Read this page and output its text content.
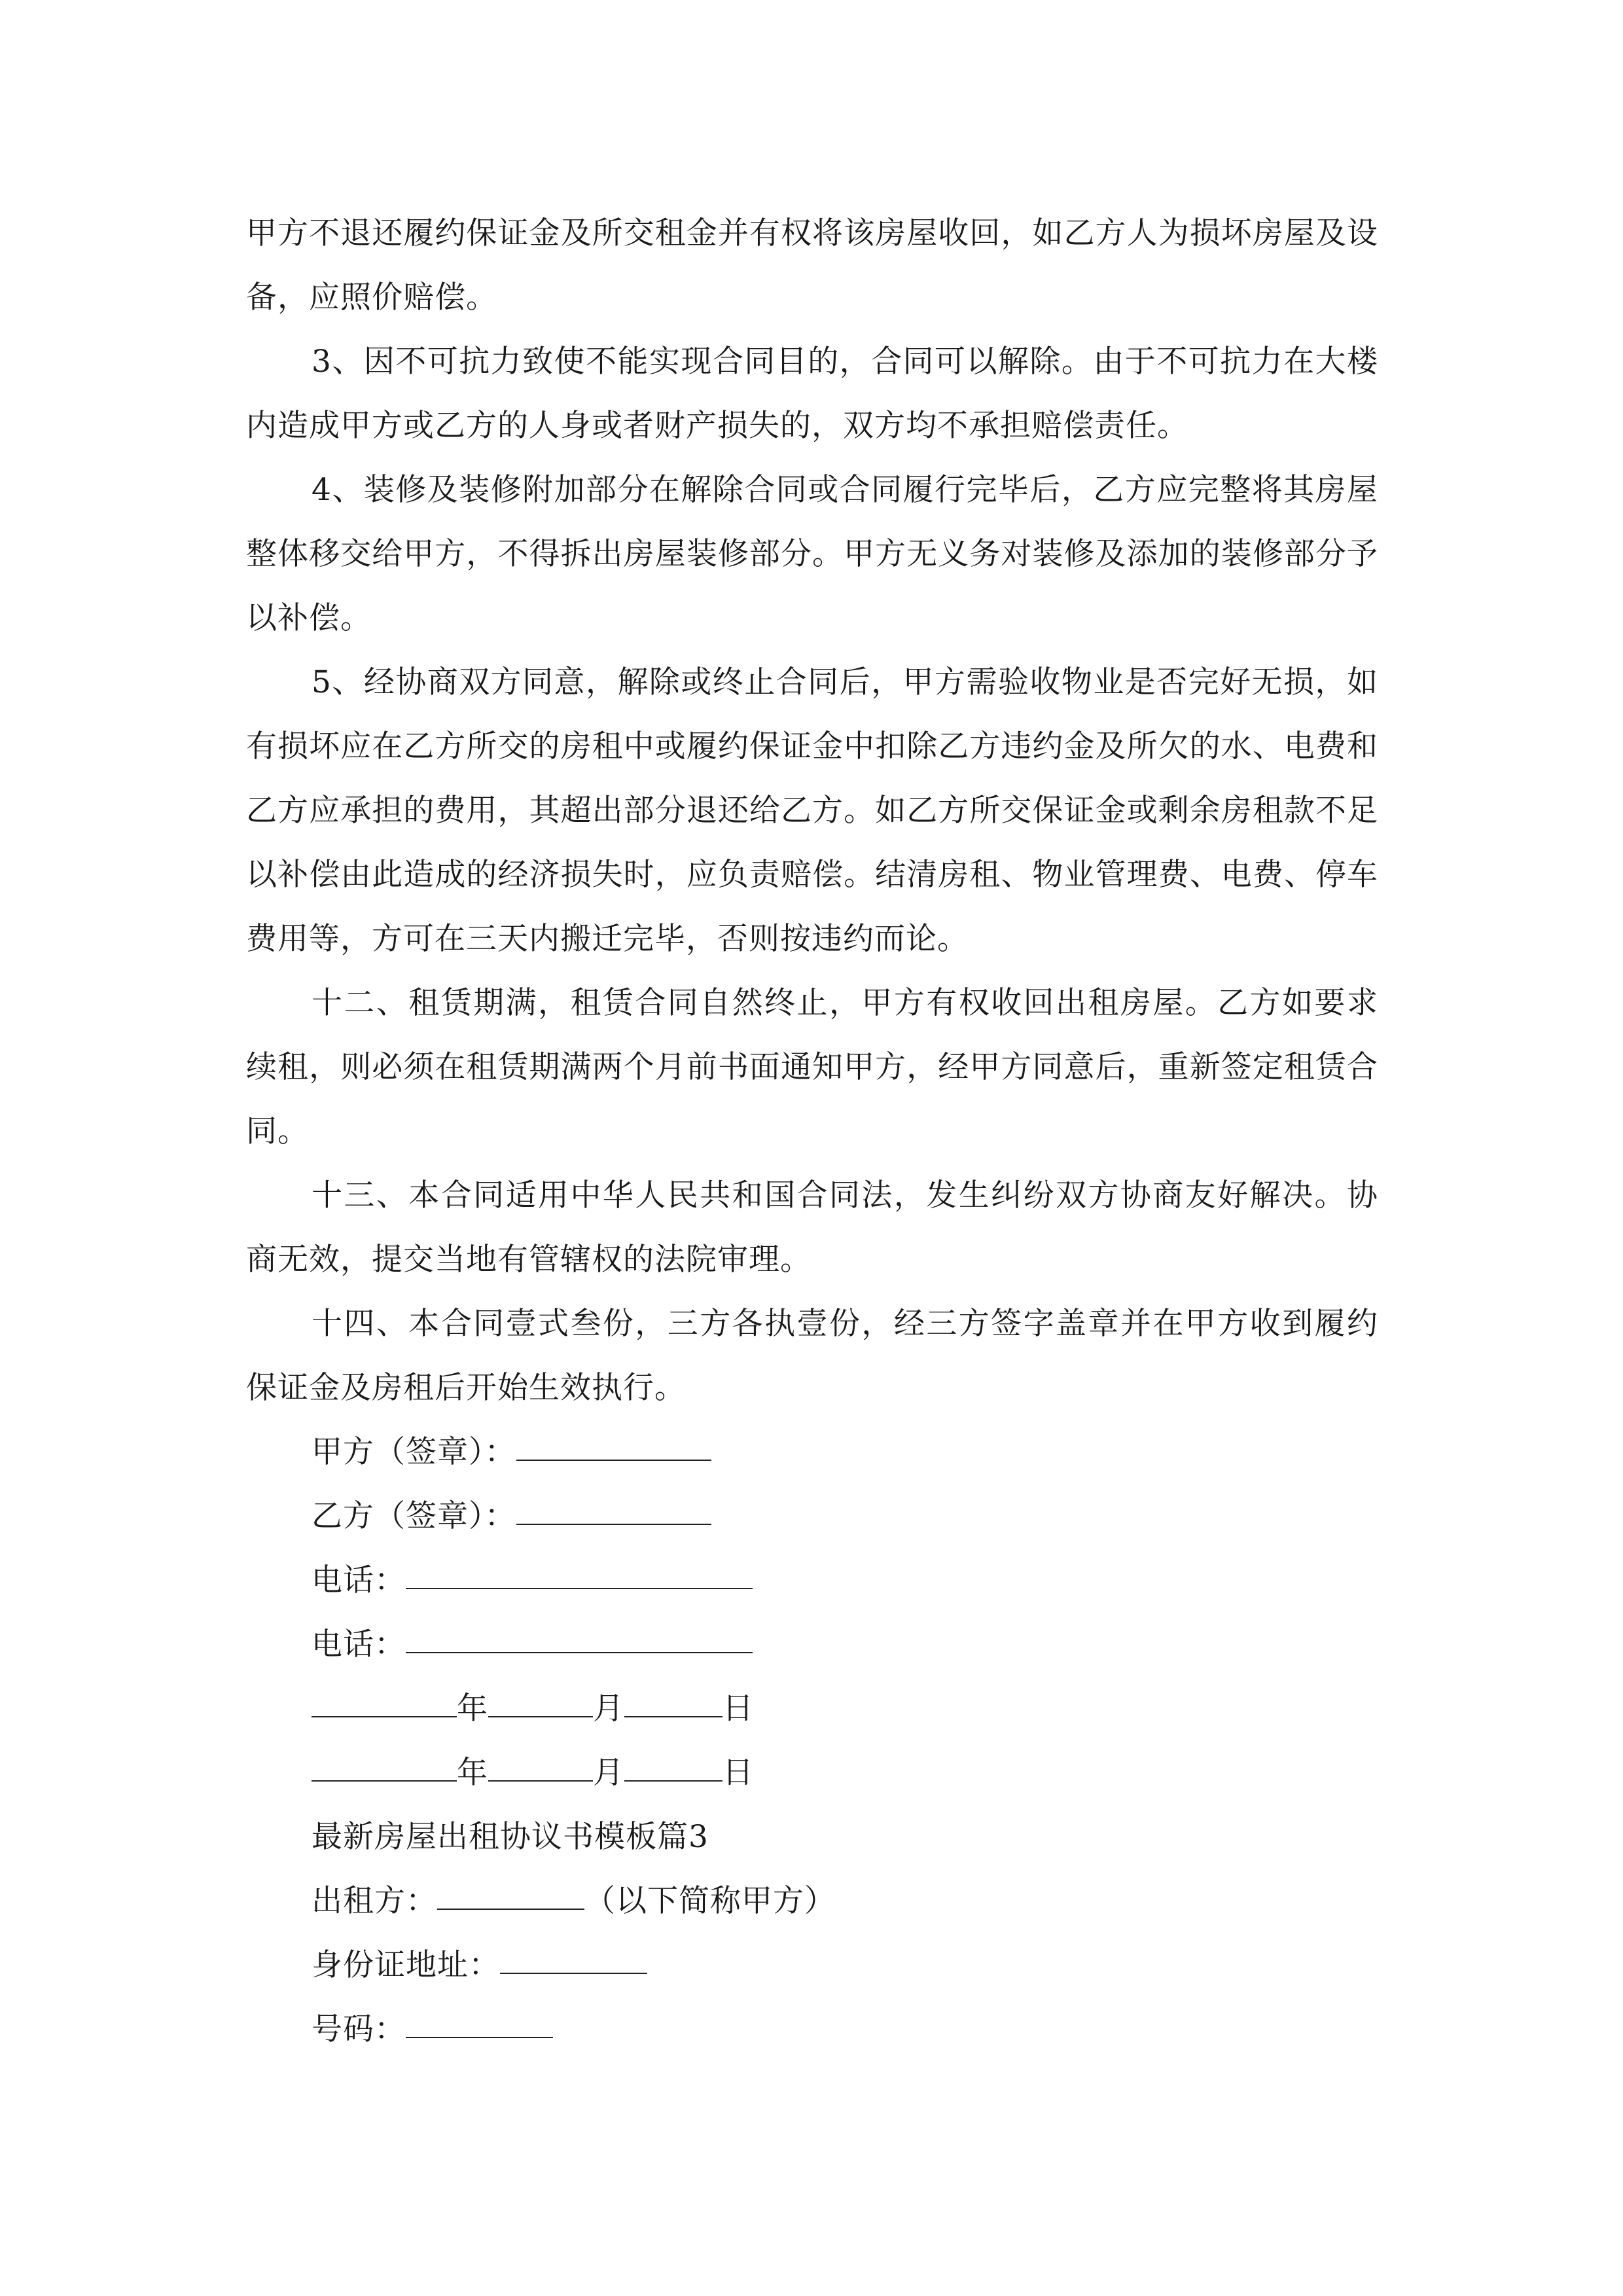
甲方不退还履约保证金及所交租金并有权将该房屋收回，如乙方人为损坏房屋及设备，应照价赔偿。

3、因不可抗力致使不能实现合同目的，合同可以解除。由于不可抗力在大楼内造成甲方或乙方的人身或者财产损失的，双方均不承担赔偿责任。

4、装修及装修附加部分在解除合同或合同履行完毕后，乙方应完整将其房屋整体移交给甲方，不得拆出房屋装修部分。甲方无义务对装修及添加的装修部分予以补偿。

5、经协商双方同意，解除或终止合同后，甲方需验收物业是否完好无损，如有损坏应在乙方所交的房租中或履约保证金中扣除乙方违约金及所欠的水、电费和乙方应承担的费用，其超出部分退还给乙方。如乙方所交保证金或剩余房租款不足以补偿由此造成的经济损失时，应负责赔偿。结清房租、物业管理费、电费、停车费用等，方可在三天内搬迁完毕，否则按违约而论。

十二、租赁期满，租赁合同自然终止，甲方有权收回出租房屋。乙方如要求续租，则必须在租赁期满两个月前书面通知甲方，经甲方同意后，重新签定租赁合同。

十三、本合同适用中华人民共和国合同法，发生纠纷双方协商友好解决。协商无效，提交当地有管辖权的法院审理。

十四、本合同壹式叁份，三方各执壹份，经三方签字盖章并在甲方收到履约保证金及房租后开始生效执行。

甲方（签章）：
乙方（签章）：
电话：
电话：
年	月	日
年	月	日
最新房屋出租协议书模板篇3
出租方：	（以下简称甲方）
身份证地址：
号码：
